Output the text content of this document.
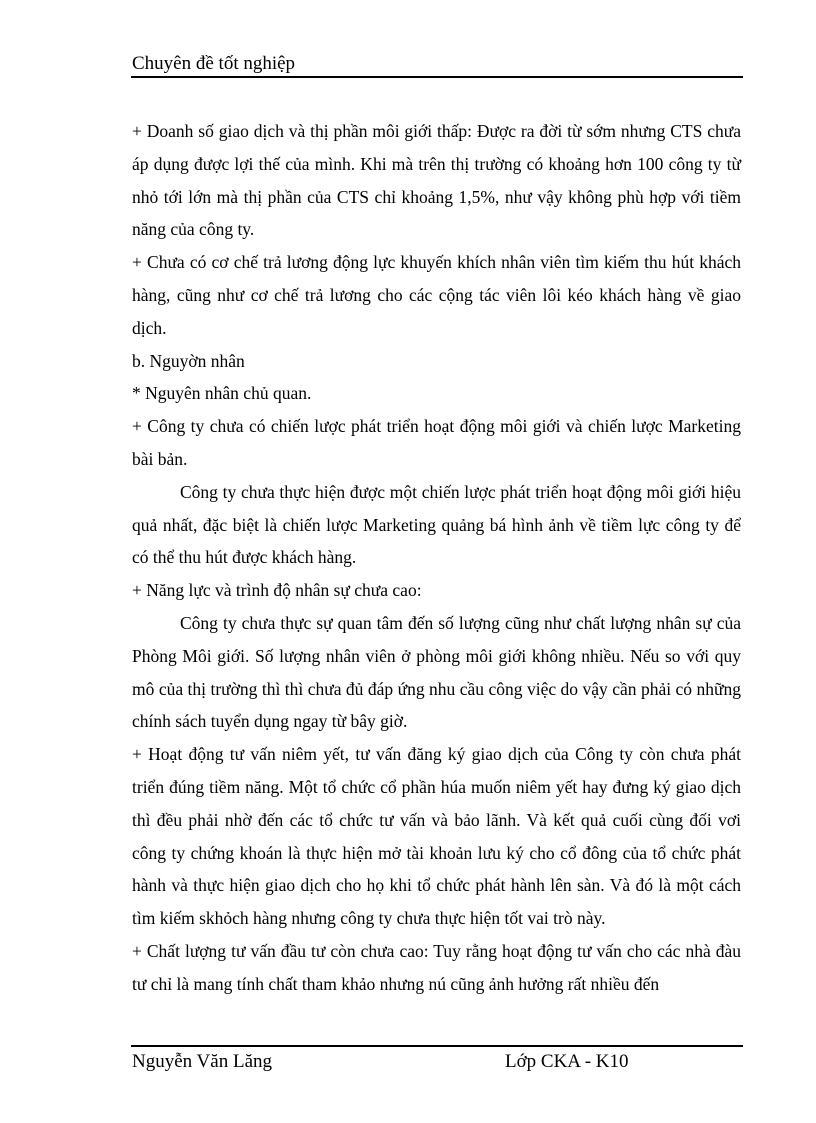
Chuyên đề tốt nghiệp

+ Doanh số giao dịch và thị phần môi giới thấp: Được ra đời từ sớm nhưng CTS chưa áp dụng được lợi thế của mình. Khi mà trên thị trường có khoảng hơn 100 công ty từ nhỏ tới lớn mà thị phần của CTS chỉ khoảng 1,5%, như vậy không phù hợp với tiềm năng của công ty.

+ Chưa có cơ chế trả lương động lực khuyến khích nhân viên tìm kiếm thu hút khách hàng, cũng như cơ chế trả lương cho các cộng tác viên lôi kéo khách hàng về giao dịch.

b. Nguyờn nhân

* Nguyên nhân chủ quan.

+ Công ty chưa có chiến lược phát triển hoạt động môi giới và chiến lược Marketing bài bản.

Công ty chưa thực hiện được một chiến lược phát triển hoạt động môi giới hiệu quả nhất, đặc biệt là chiến lược Marketing quảng bá hình ảnh về tiềm lực công ty để có thể thu hút được khách hàng.

+ Năng lực và trình độ nhân sự chưa cao:

Công ty chưa thực sự quan tâm đến số lượng cũng như chất lượng nhân sự của Phòng Môi giới. Số lượng nhân viên ở phòng môi giới không nhiều. Nếu so với quy mô của thị trường thì thì chưa đủ đáp ứng nhu cầu công việc do vậy cần phải có những chính sách tuyển dụng ngay từ bây giờ.

+ Hoạt động tư vấn niêm yết, tư vấn đăng ký giao dịch của Công ty còn chưa phát triển đúng tiềm năng. Một tổ chức cổ phần húa muốn niêm yết hay đưng ký giao dịch thì đều phải nhờ đến các tổ chức tư vấn và bảo lãnh. Và kết quả cuối cùng đối vơi công ty chứng khoán là thực hiện mở tài khoản lưu ký cho cổ đông của tổ chức phát hành và thực hiện giao dịch cho họ khi tổ chức phát hành lên sàn. Và đó là một cách tìm kiếm skhỏch hàng nhưng công ty chưa thực hiện tốt vai trò này.

+ Chất lượng tư vấn đầu tư còn chưa cao: Tuy rằng hoạt động tư vấn cho các nhà đàu tư chỉ là mang tính chất tham khảo nhưng nú cũng ảnh hưởng rất nhiều đến

Nguyễn Văn Lăng	Lớp CKA - K10
